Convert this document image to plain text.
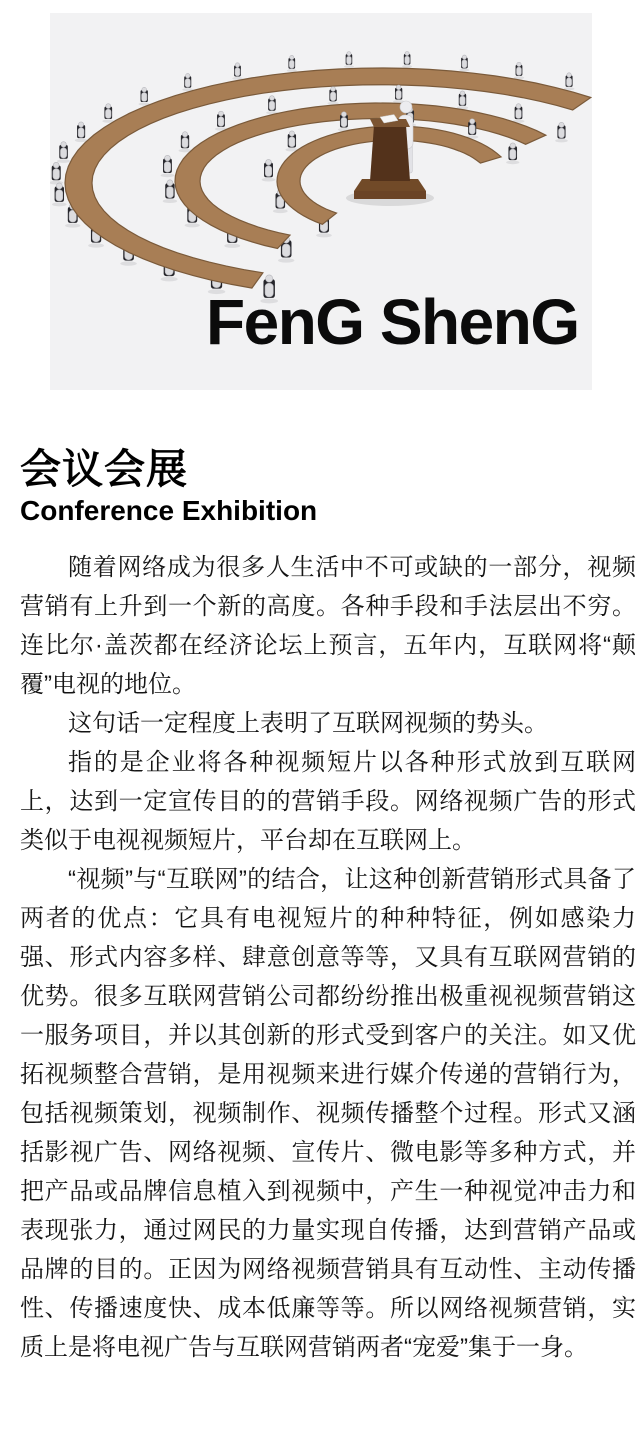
FenG ShenG
会议会展
Conference Exhibition

随着网络成为很多人生活中不可或缺的一部分，视频营销有上升到一个新的高度。各种手段和手法层出不穷。连比尔·盖茨都在经济论坛上预言，五年内，互联网将“颠覆”电视的地位。

这句话一定程度上表明了互联网视频的势头。

指的是企业将各种视频短片以各种形式放到互联网上，达到一定宣传目的的营销手段。网络视频广告的形式类似于电视视频短片，平台却在互联网上。

“视频”与“互联网”的结合，让这种创新营销形式具备了两者的优点：它具有电视短片的种种特征，例如感染力强、形式内容多样、肆意创意等等，又具有互联网营销的优势。很多互联网营销公司都纷纷推出极重视视频营销这一服务项目，并以其创新的形式受到客户的关注。如又优拓视频整合营销，是用视频来进行媒介传递的营销行为，包括视频策划，视频制作、视频传播整个过程。形式又涵括影视广告、网络视频、宣传片、微电影等多种方式，并把产品或品牌信息植入到视频中，产生一种视觉冲击力和表现张力，通过网民的力量实现自传播，达到营销产品或品牌的目的。正因为网络视频营销具有互动性、主动传播性、传播速度快、成本低廉等等。所以网络视频营销，实质上是将电视广告与互联网营销两者“宠爱”集于一身。
